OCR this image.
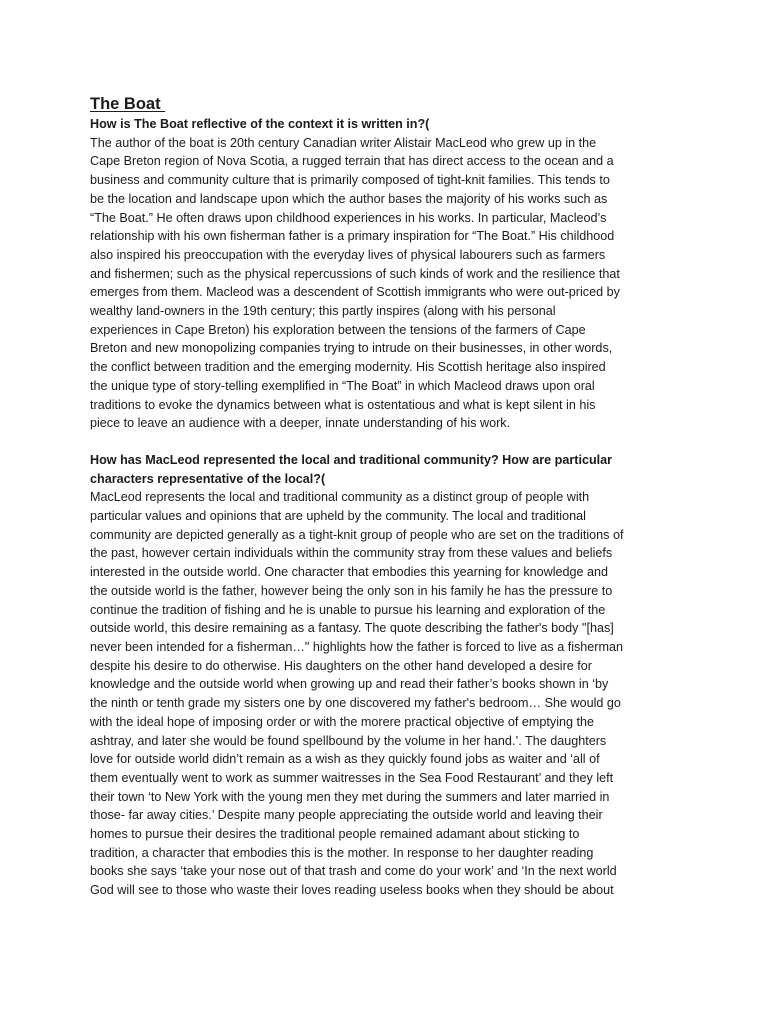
The Boat
How is The Boat reflective of the context it is written in?(
The author of the boat is 20th century Canadian writer Alistair MacLeod who grew up in the
Cape Breton region of Nova Scotia, a rugged terrain that has direct access to the ocean and a
business and community culture that is primarily composed of tight-knit families. This tends to
be the location and landscape upon which the author bases the majority of his works such as
“The Boat.” He often draws upon childhood experiences in his works. In particular, Macleod’s
relationship with his own fisherman father is a primary inspiration for “The Boat.” His childhood
also inspired his preoccupation with the everyday lives of physical labourers such as farmers
and fishermen; such as the physical repercussions of such kinds of work and the resilience that
emerges from them. Macleod was a descendent of Scottish immigrants who were out-priced by
wealthy land-owners in the 19th century; this partly inspires (along with his personal
experiences in Cape Breton) his exploration between the tensions of the farmers of Cape
Breton and new monopolizing companies trying to intrude on their businesses, in other words,
the conflict between tradition and the emerging modernity. His Scottish heritage also inspired
the unique type of story-telling exemplified in “The Boat” in which Macleod draws upon oral
traditions to evoke the dynamics between what is ostentatious and what is kept silent in his
piece to leave an audience with a deeper, innate understanding of his work.
How has MacLeod represented the local and traditional community? How are particular
characters representative of the local?(
MacLeod represents the local and traditional community as a distinct group of people with
particular values and opinions that are upheld by the community. The local and traditional
community are depicted generally as a tight-knit group of people who are set on the traditions of
the past, however certain individuals within the community stray from these values and beliefs
interested in the outside world. One character that embodies this yearning for knowledge and
the outside world is the father, however being the only son in his family he has the pressure to
continue the tradition of fishing and he is unable to pursue his learning and exploration of the
outside world, this desire remaining as a fantasy. The quote describing the father's body "[has]
never been intended for a fisherman…" highlights how the father is forced to live as a fisherman
despite his desire to do otherwise. His daughters on the other hand developed a desire for
knowledge and the outside world when growing up and read their father’s books shown in ‘by
the ninth or tenth grade my sisters one by one discovered my father's bedroom… She would go
with the ideal hope of imposing order or with the morere practical objective of emptying the
ashtray, and later she would be found spellbound by the volume in her hand.’. The daughters
love for outside world didn’t remain as a wish as they quickly found jobs as waiter and ‘all of
them eventually went to work as summer waitresses in the Sea Food Restaurant’ and they left
their town ‘to New York with the young men they met during the summers and later married in
those- far away cities.’ Despite many people appreciating the outside world and leaving their
homes to pursue their desires the traditional people remained adamant about sticking to
tradition, a character that embodies this is the mother. In response to her daughter reading
books she says ‘take your nose out of that trash and come do your work’ and ‘In the next world
God will see to those who waste their loves reading useless books when they should be about
